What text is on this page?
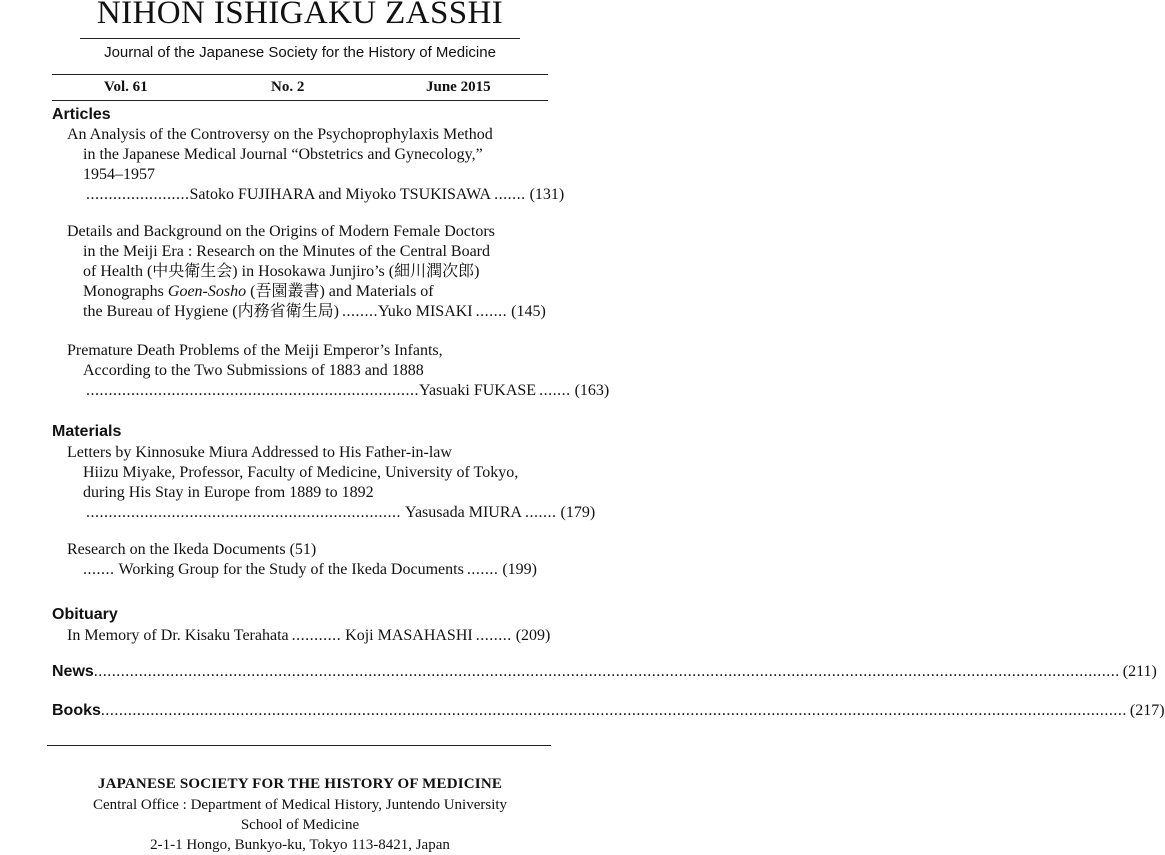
NIHON ISHIGAKU ZASSHI
Journal of the Japanese Society for the History of Medicine
Vol. 61	No. 2	June 2015
Articles
An Analysis of the Controversy on the Psychoprophylaxis Method
in the Japanese Medical Journal “Obstetrics and Gynecology,”
1954–1957
....................... Satoko FUJIHARA and Miyoko TSUKISAWA ....... (131)
Details and Background on the Origins of Modern Female Doctors
in the Meiji Era : Research on the Minutes of the Central Board
of Health (中央衛生会) in Hosokawa Junjiro’s (細川潤次郎)
Monographs Goen-Sosho (吾園叢書) and Materials of
the Bureau of Hygiene (内務省衛生局) ........ Yuko MISAKI ....... (145)
Premature Death Problems of the Meiji Emperor’s Infants,
According to the Two Submissions of 1883 and 1888
.......................................................................... Yasuaki FUKASE ....... (163)
Materials
Letters by Kinnosuke Miura Addressed to His Father-in-law
Hiizu Miyake, Professor, Faculty of Medicine, University of Tokyo,
during His Stay in Europe from 1889 to 1892
...................................................................... Yasusada MIURA ....... (179)
Research on the Ikeda Documents (51)
....... Working Group for the Study of the Ikeda Documents ....... (199)
Obituary
In Memory of Dr. Kisaku Terahata ........... Koji MASAHASHI ........ (209)
News .....	(211)
Books .....	(217)
JAPANESE SOCIETY FOR THE HISTORY OF MEDICINE
Central Office : Department of Medical History, Juntendo University
School of Medicine
2-1-1 Hongo, Bunkyo-ku, Tokyo 113-8421, Japan
